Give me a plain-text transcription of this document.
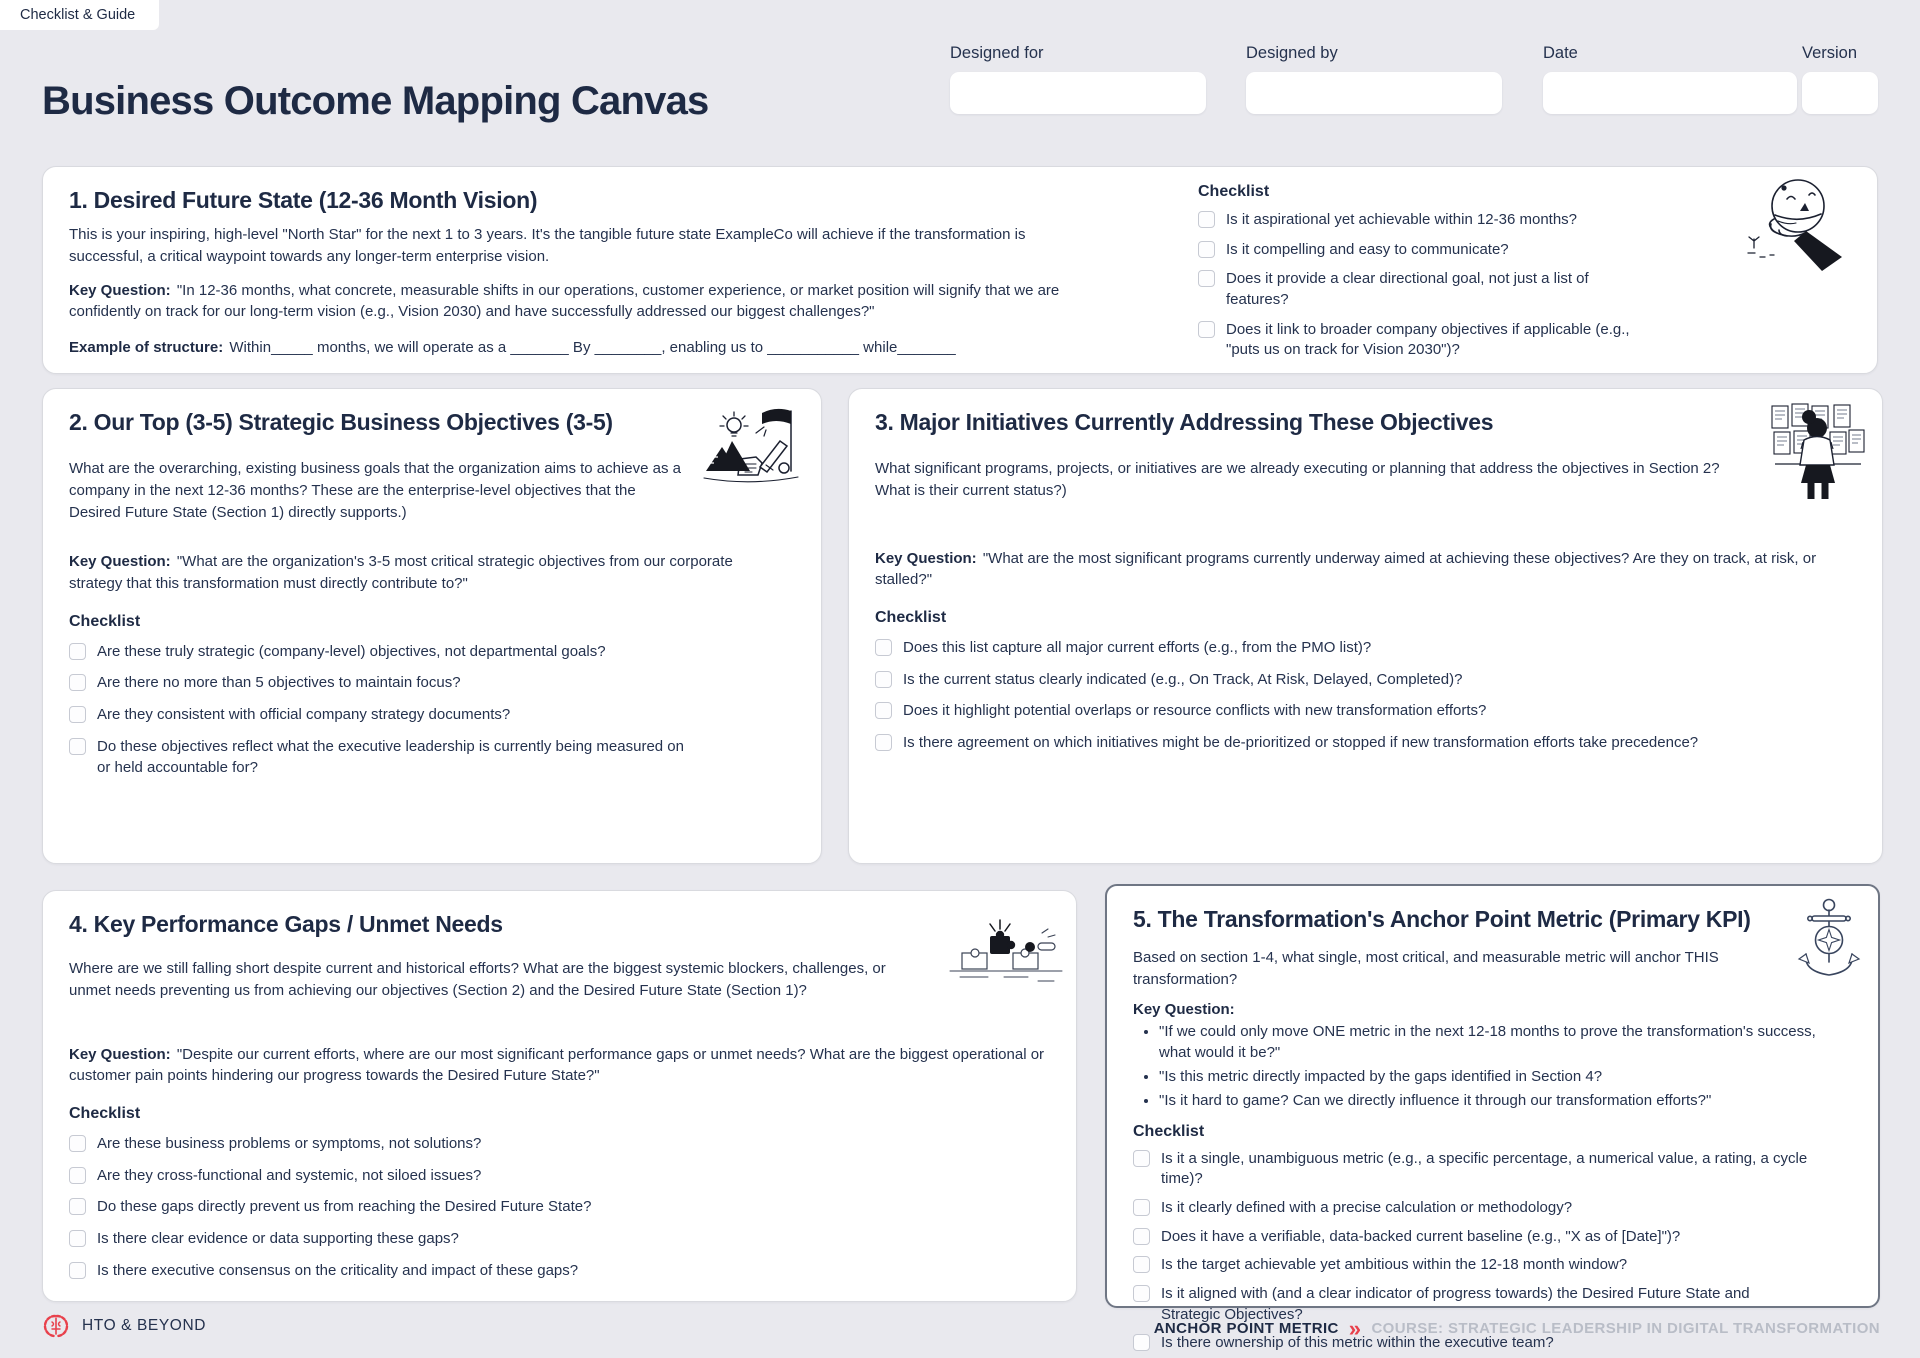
Checklist & Guide
Business Outcome Mapping Canvas
Designed for	Designed by	Date	Version
1. Desired Future State (12-36 Month Vision)

This is your inspiring, high-level "North Star" for the next 1 to 3 years. It's the tangible future state ExampleCo will achieve if the transformation is successful, a critical waypoint towards any longer-term enterprise vision.

Key Question: "In 12-36 months, what concrete, measurable shifts in our operations, customer experience, or market position will signify that we are confidently on track for our long-term vision (e.g., Vision 2030) and have successfully addressed our biggest challenges?"

Example of structure: Within_____ months, we will operate as a _______ By ________, enabling us to ___________ while_______

Checklist
Is it aspirational yet achievable within 12-36 months?
Is it compelling and easy to communicate?
Does it provide a clear directional goal, not just a list of features?
Does it link to broader company objectives if applicable (e.g., "puts us on track for Vision 2030")?
2. Our Top (3-5) Strategic Business Objectives (3-5)

What are the overarching, existing business goals that the organization aims to achieve as a company in the next 12-36 months? These are the enterprise-level objectives that the Desired Future State (Section 1) directly supports.)

Key Question: "What are the organization's 3-5 most critical strategic objectives from our corporate strategy that this transformation must directly contribute to?"

Checklist
Are these truly strategic (company-level) objectives, not departmental goals?
Are there no more than 5 objectives to maintain focus?
Are they consistent with official company strategy documents?
Do these objectives reflect what the executive leadership is currently being measured on or held accountable for?
3. Major Initiatives Currently Addressing These Objectives

What significant programs, projects, or initiatives are we already executing or planning that address the objectives in Section 2? What is their current status?)

Key Question: "What are the most significant programs currently underway aimed at achieving these objectives? Are they on track, at risk, or stalled?"

Checklist
Does this list capture all major current efforts (e.g., from the PMO list)?
Is the current status clearly indicated (e.g., On Track, At Risk, Delayed, Completed)?
Does it highlight potential overlaps or resource conflicts with new transformation efforts?
Is there agreement on which initiatives might be de-prioritized or stopped if new transformation efforts take precedence?
4. Key Performance Gaps / Unmet Needs

Where are we still falling short despite current and historical efforts? What are the biggest systemic blockers, challenges, or unmet needs preventing us from achieving our objectives (Section 2) and the Desired Future State (Section 1)?

Key Question: "Despite our current efforts, where are our most significant performance gaps or unmet needs? What are the biggest operational or customer pain points hindering our progress towards the Desired Future State?"

Checklist
Are these business problems or symptoms, not solutions?
Are they cross-functional and systemic, not siloed issues?
Do these gaps directly prevent us from reaching the Desired Future State?
Is there clear evidence or data supporting these gaps?
Is there executive consensus on the criticality and impact of these gaps?
5. The Transformation's Anchor Point Metric (Primary KPI)

Based on section 1-4, what single, most critical, and measurable metric will anchor THIS transformation?

Key Question:

• "If we could only move ONE metric in the next 12-18 months to prove the transformation's success, what would it be?"
• "Is this metric directly impacted by the gaps identified in Section 4?
• "Is it hard to game? Can we directly influence it through our transformation efforts?"
Checklist
Is it a single, unambiguous metric (e.g., a specific percentage, a numerical value, a rating, a cycle time)?
Is it clearly defined with a precise calculation or methodology?
Does it have a verifiable, data-backed current baseline (e.g., "X as of [Date]")?
Is the target achievable yet ambitious within the 12-18 month window?
Is it aligned with (and a clear indicator of progress towards) the Desired Future State and Strategic Objectives?
Is there ownership of this metric within the executive team?
HTO & BEYOND	ANCHOR POINT METRIC » COURSE: STRATEGIC LEADERSHIP IN DIGITAL TRANSFORMATION
